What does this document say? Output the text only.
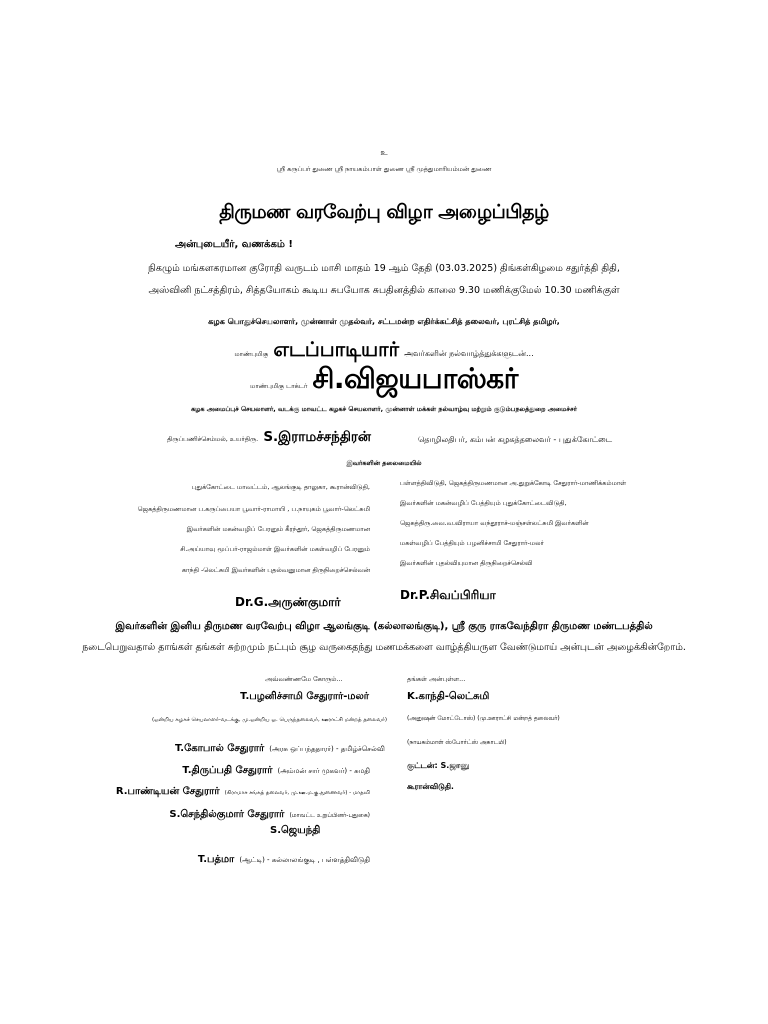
உ
ஸ்ரீ கருப்பர் துணை ஸ்ரீ நாயகம்பாள் துணை ஸ்ரீ முத்துமாரியம்மன் துணை
திருமண வரவேற்பு விழா அழைப்பிதழ்
அன்புடையீர், வணக்கம் !
நிகழும் மங்களகரமான குரோதி வருடம் மாசி மாதம் 19 ஆம் தேதி (03.03.2025) திங்கள்கிழமை சதுர்த்தி திதி,
அஸ்வினி நட்சத்திரம், சித்தயோகம் கூடிய சுபயோக சுபதினத்தில் காலை 9.30 மணிக்குமேல் 10.30 மணிக்குள்
கழக பொதுச்செயலாளர், முன்னாள் முதல்வர், சட்டமன்ற எதிர்க்கட்சித் தலைவர், புரட்சித் தமிழர்,
மாண்புமிகு எடப்பாடியார் அவர்களின் நல்வாழ்த்துக்களுடன்...
மாண்புமிகு டாக்டர் சி.விஜயபாஸ்கர்
கழக அமைப்புச் செயலாளர், வடக்கு மாவட்ட கழகச் செயலாளர், முன்னாள் மக்கள் நல்வாழ்வு மற்றும் குடும்பநலத்துறை அமைச்சர்
திருப்பணிச்செம்மல், உயர்திரு. S.இராமச்சந்திரன்	தொழிலதிபர், கம்பன் கழகத்தலைவர் - புதுக்கோட்டை
இவர்களின் தலைமையில்
புதுக்கோட்டை மாவட்டம், ஆலங்குடி தாலுகா, கூரான்விடுதி,
ஜெகத்திருமணமான ப.கருப்பையா பூவார்-ராமாயி , ப.நாயுகம் பூவார்-லெட்சுமி
இவர்களின் மகன்வழிப் பேரனும் கீரந்தூர், ஜெகத்திருமணமான
சி.அய்யாவு மூப்பர்-ராஜம்மாள் இவர்களின் மகள்வழிப் பேரனும்
காந்தி -லெட்சுமி இவர்களின் புதல்வனுமான திருநிறைச்செல்வன்
பள்ளத்திவிடுதி, ஜெகத்திருமணமான அ.துறுக்கோடி சேதுரார்-மாணிக்கம்மாள்
இவர்களின் மகன்வழிப் பேத்தியும் புதுக்கோட்டைவிடுதி,
ஜெகத்திரு.வை.வ.விராயா வந்தூராச்-மஞ்சள்லட்சுமி இவர்களின்
மகள்வழிப் பேத்தியும் பழனிச்சாமி சேதுரார்-மலர்
இவர்களின் புதல்வியுமான திருநிறைச்செல்வி
Dr.G.அருண்குமார்	Dr.P.சிவப்பிரியா
இவர்களின் இனிய திருமண வரவேற்பு விழா ஆலங்குடி (கல்லாலங்குடி), ஸ்ரீ குரு ராகவேந்திரா திருமண மண்டபத்தில்
நடைபெறுவதால் தாங்கள் தங்கள் சுற்றமும் நட்பும் சூழ வருகைதந்து மணமக்களை வாழ்த்தியருள வேண்டுமாய் அன்புடன் அழைக்கின்றோம்.
அவ்வண்ணமே கோரும்...
T.பழனிச்சாமி சேதுரார்-மலர்
(ஒன்றிய கழகச் செயலாளர்-வடக்கு, மு.ஒன்றிய ஓ. பெருந்தலைவர், ஊராட்சி மன்றத் தலைவர்)
T.கோபால் சேதுரார் (அரசு ஒப்பந்ததாரர்) - தமிழ்ச்செல்வி
T.திருப்பதி சேதுரார் (அம்மன் சார் முகவர்) - சுமதி
R.பாண்டியன் சேதுரார் (கிராமாச சங்கத் தலைவர், மு.ஊ.ம.கு.துணைவர்) - மாதவி
S.செந்தில்குமார் சேதுரார் (மாவட்ட உறுப்பினர்-புதுகை)
S.ஜெயந்தி
T.பத்மா (ஆட்டி) - கல்லாலங்குடி , பள்ளத்திவிடுதி
தங்கள் அன்புள்ள...
K.காந்தி-லெட்சுமி
(அனுஷன் மோட்டோஸ்) (மு.ஊராட்சி மன்றத் தலைவர்)
(நாயகம்மாள் ஸ்போர்ட்ஸ் அகாடமி)
குட்டன்: S.ஜானு
கூரான்விடுதி.
